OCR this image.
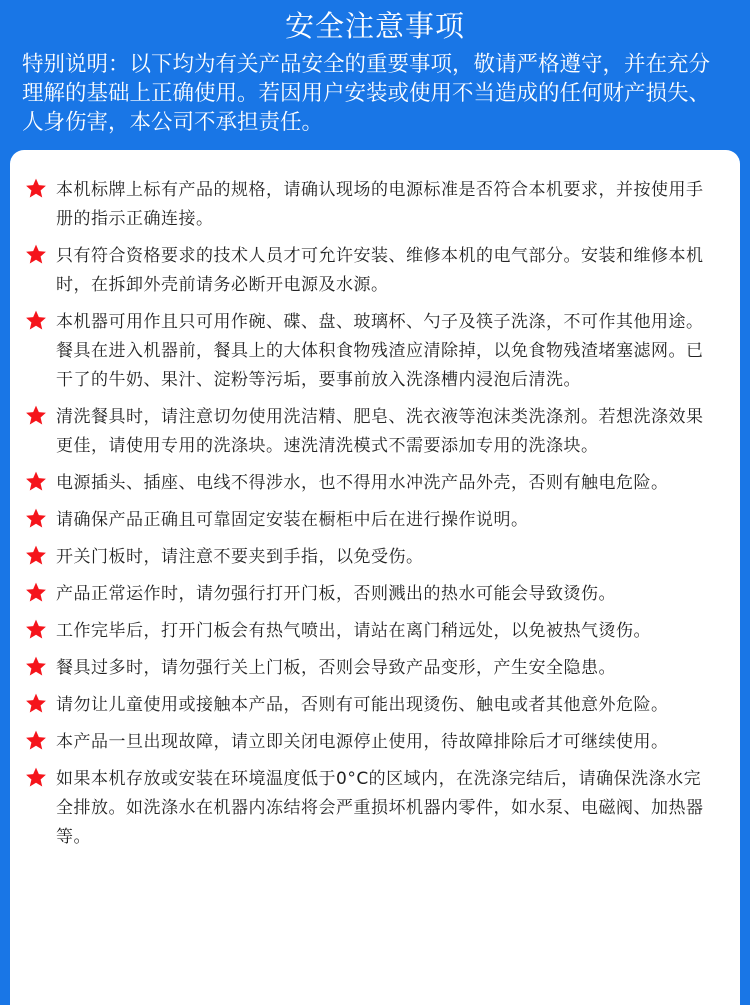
安全注意事项

特别说明：以下均为有关产品安全的重要事项，敬请严格遵守，并在充分理解的基础上正确使用。若因用户安装或使用不当造成的任何财产损失、人身伤害，本公司不承担责任。

本机标牌上标有产品的规格，请确认现场的电源标准是否符合本机要求，并按使用手册的指示正确连接。
只有符合资格要求的技术人员才可允许安装、维修本机的电气部分。安装和维修本机时，在拆卸外壳前请务必断开电源及水源。
本机器可用作且只可用作碗、碟、盘、玻璃杯、勺子及筷子洗涤，不可作其他用途。餐具在进入机器前，餐具上的大体积食物残渣应清除掉，以免食物残渣堵塞滤网。已干了的牛奶、果汁、淀粉等污垢，要事前放入洗涤槽内浸泡后清洗。
清洗餐具时，请注意切勿使用洗洁精、肥皂、洗衣液等泡沫类洗涤剂。若想洗涤效果更佳，请使用专用的洗涤块。速洗清洗模式不需要添加专用的洗涤块。
电源插头、插座、电线不得涉水，也不得用水冲洗产品外壳，否则有触电危险。
请确保产品正确且可靠固定安装在橱柜中后在进行操作说明。
开关门板时，请注意不要夹到手指，以免受伤。
产品正常运作时，请勿强行打开门板，否则溅出的热水可能会导致烫伤。
工作完毕后，打开门板会有热气喷出，请站在离门稍远处，以免被热气烫伤。
餐具过多时，请勿强行关上门板，否则会导致产品变形，产生安全隐患。
请勿让儿童使用或接触本产品，否则有可能出现烫伤、触电或者其他意外危险。
本产品一旦出现故障，请立即关闭电源停止使用，待故障排除后才可继续使用。
如果本机存放或安装在环境温度低于0°C的区域内，在洗涤完结后，请确保洗涤水完全排放。如洗涤水在机器内冻结将会严重损坏机器内零件，如水泵、电磁阀、加热器等。
